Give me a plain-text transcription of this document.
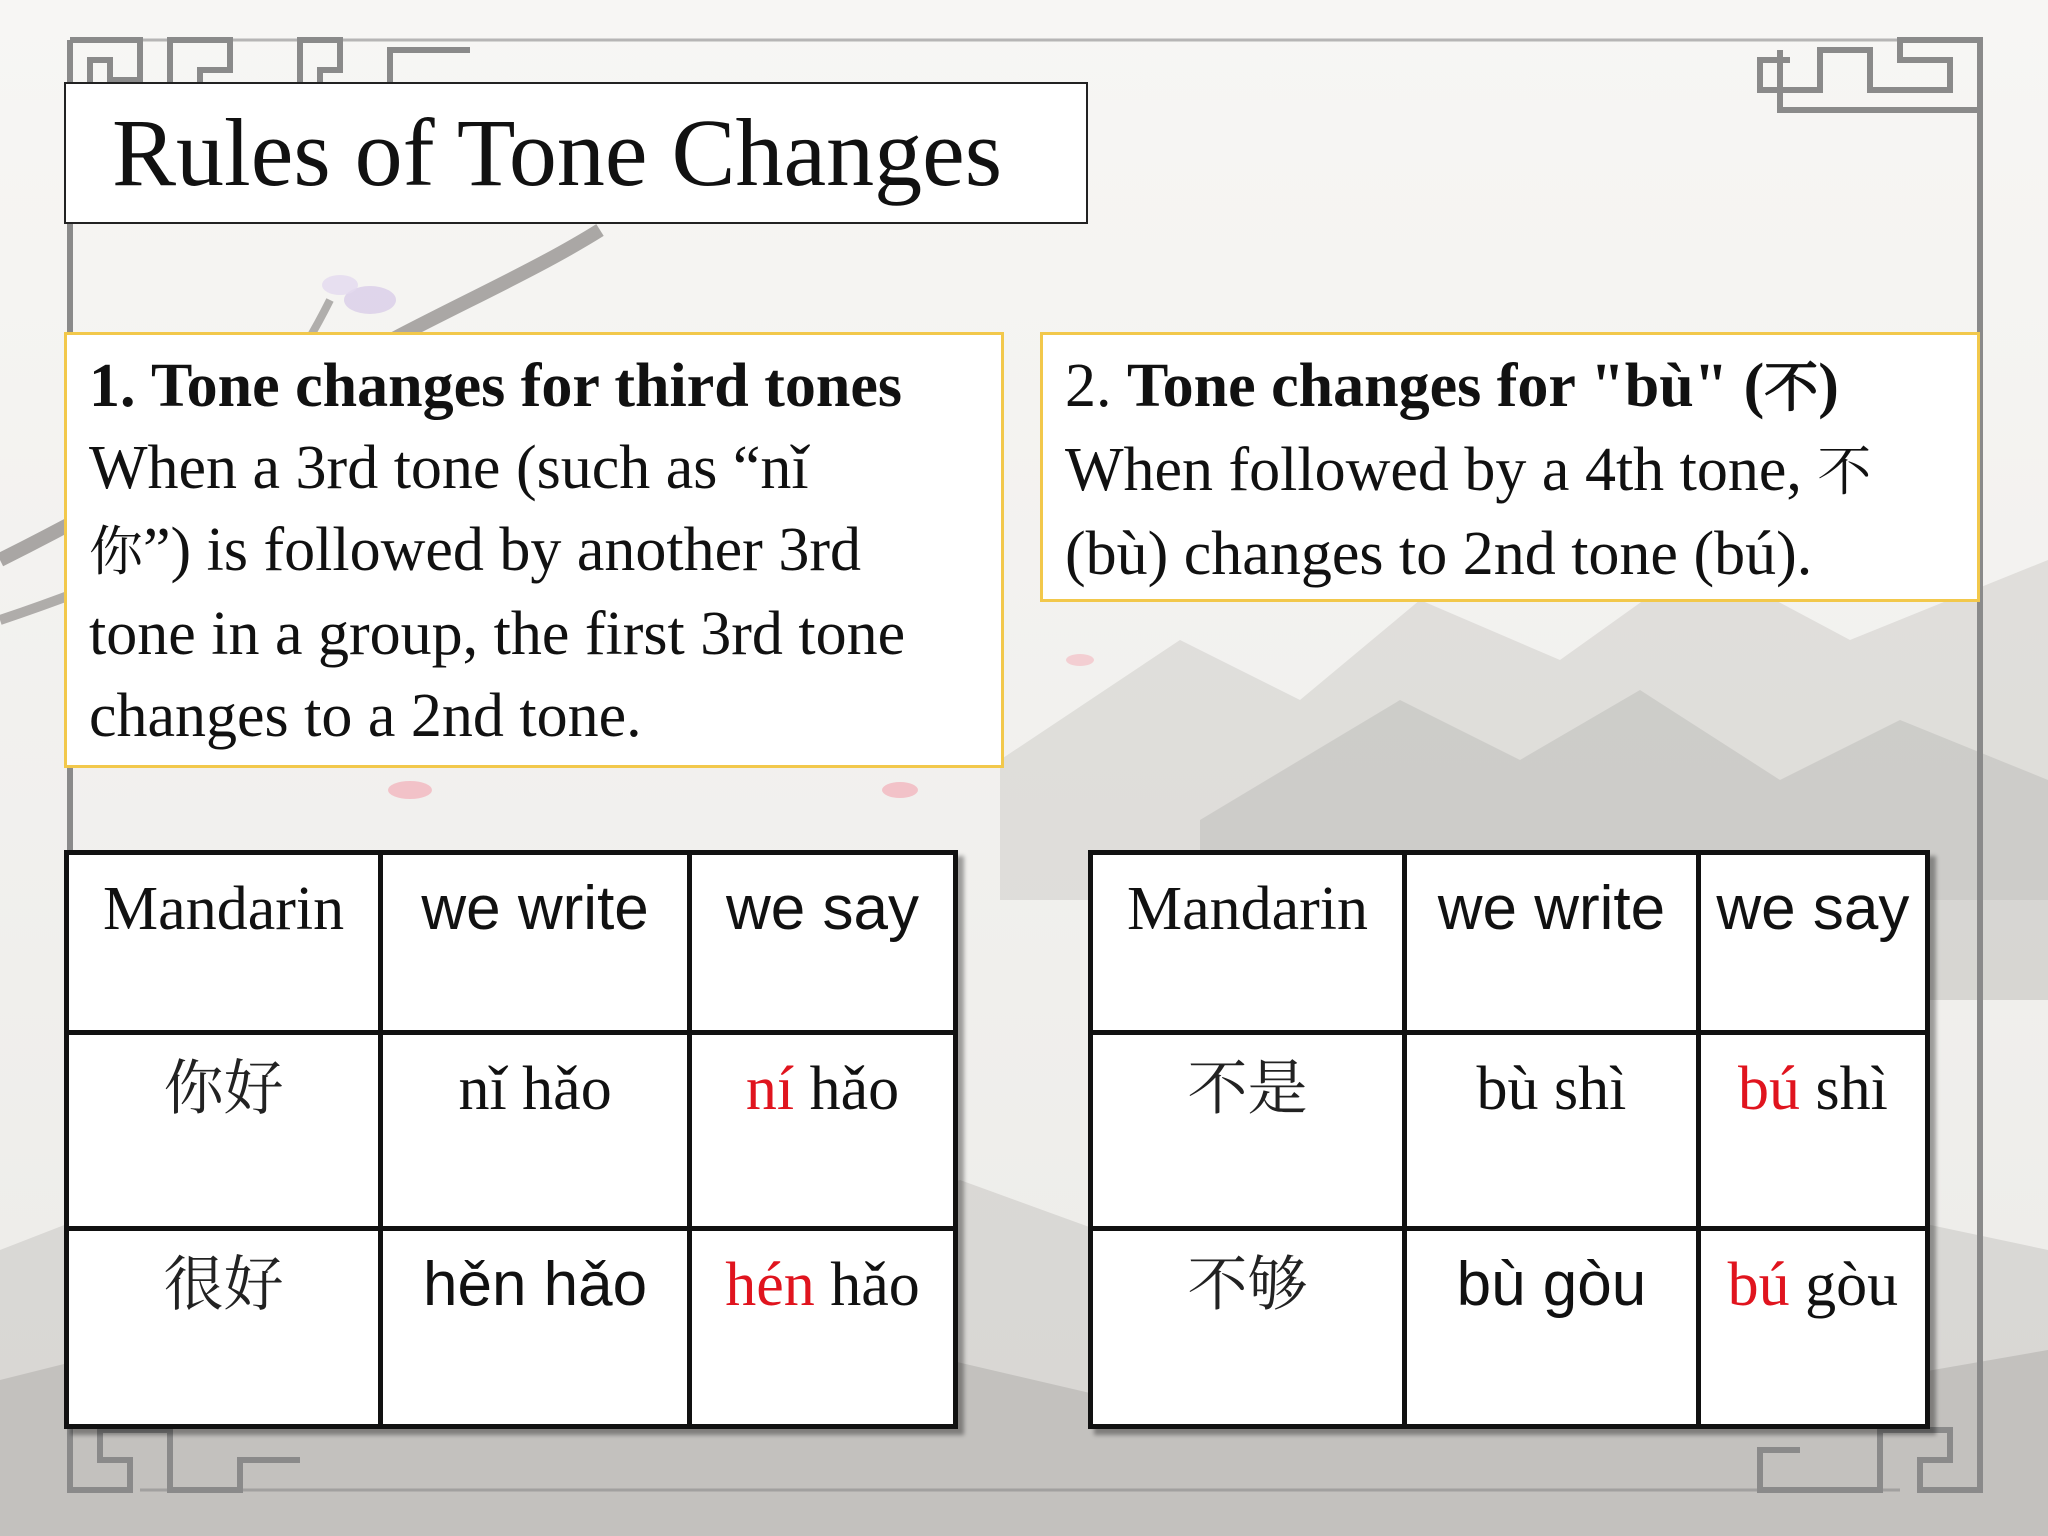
Rules of Tone Changes
1. Tone changes for third tones
When a 3rd tone (such as “nǐ
你”) is followed by another 3rd tone in a group, the first 3rd tone changes to a 2nd tone.
2. Tone changes for "bù" (不)
When followed by a 4th tone, 不 (bù) changes to 2nd tone (bú).
Mandarin	we write	we say

你好	nǐ hǎo	ní hǎo

很好	hěn hǎo	hén hǎo
Mandarin	we write	we say

不是	bù shì	bú shì

不够	bù gòu	bú gòu
